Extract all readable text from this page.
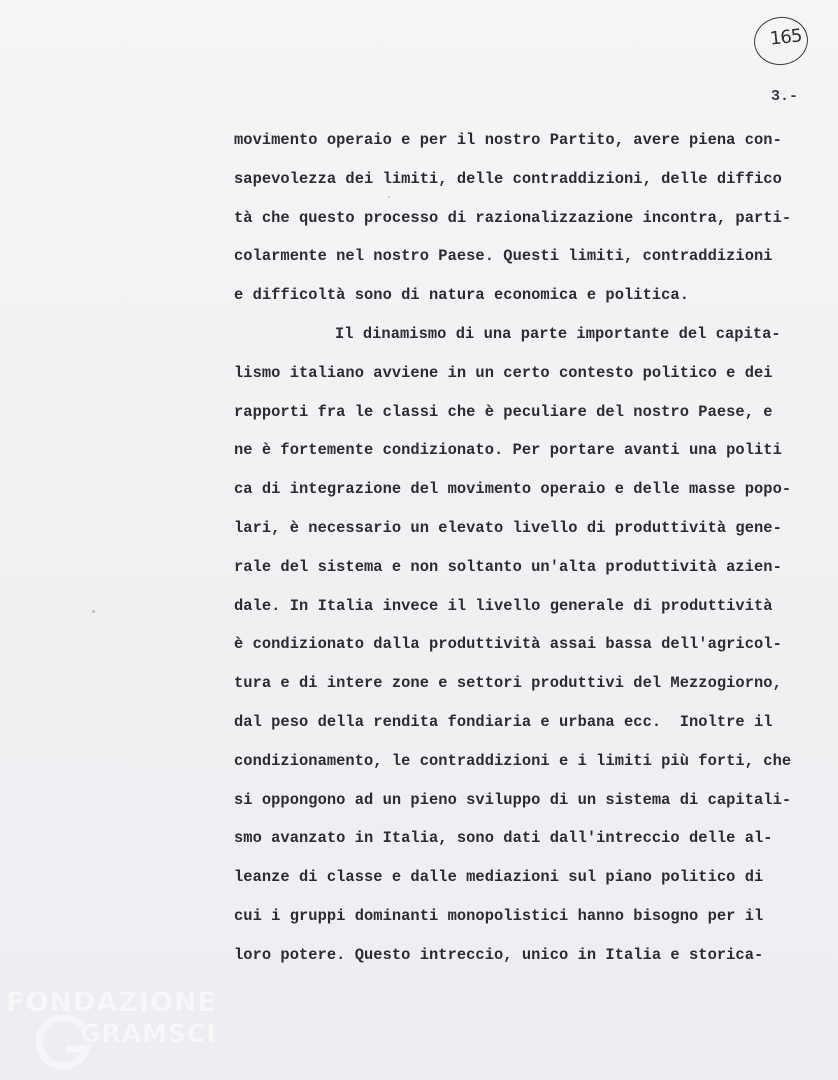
165
3.-
movimento operaio e per il nostro Partito, avere piena con-
sapevolezza dei limiti, delle contraddizioni, delle diffico
tà che questo processo di razionalizzazione incontra, parti-
colarmente nel nostro Paese. Questi limiti, contraddizioni
e difficoltà sono di natura economica e politica.
Il dinamismo di una parte importante del capita-
lismo italiano avviene in un certo contesto politico e dei
rapporti fra le classi che è peculiare del nostro Paese, e
ne è fortemente condizionato. Per portare avanti una politi
ca di integrazione del movimento operaio e delle masse popo-
lari, è necessario un elevato livello di produttività gene-
rale del sistema e non soltanto un'alta produttività azien-
dale. In Italia invece il livello generale di produttività
è condizionato dalla produttività assai bassa dell'agricol-
tura e di intere zone e settori produttivi del Mezzogiorno,
dal peso della rendita fondiaria e urbana ecc.  Inoltre il
condizionamento, le contraddizioni e i limiti più forti, che
si oppongono ad un pieno sviluppo di un sistema di capitali-
smo avanzato in Italia, sono dati dall'intreccio delle al-
leanze di classe e dalle mediazioni sul piano politico di
cui i gruppi dominanti monopolistici hanno bisogno per il
loro potere. Questo intreccio, unico in Italia e storica-
FONDAZIONE
GRAMSCI
